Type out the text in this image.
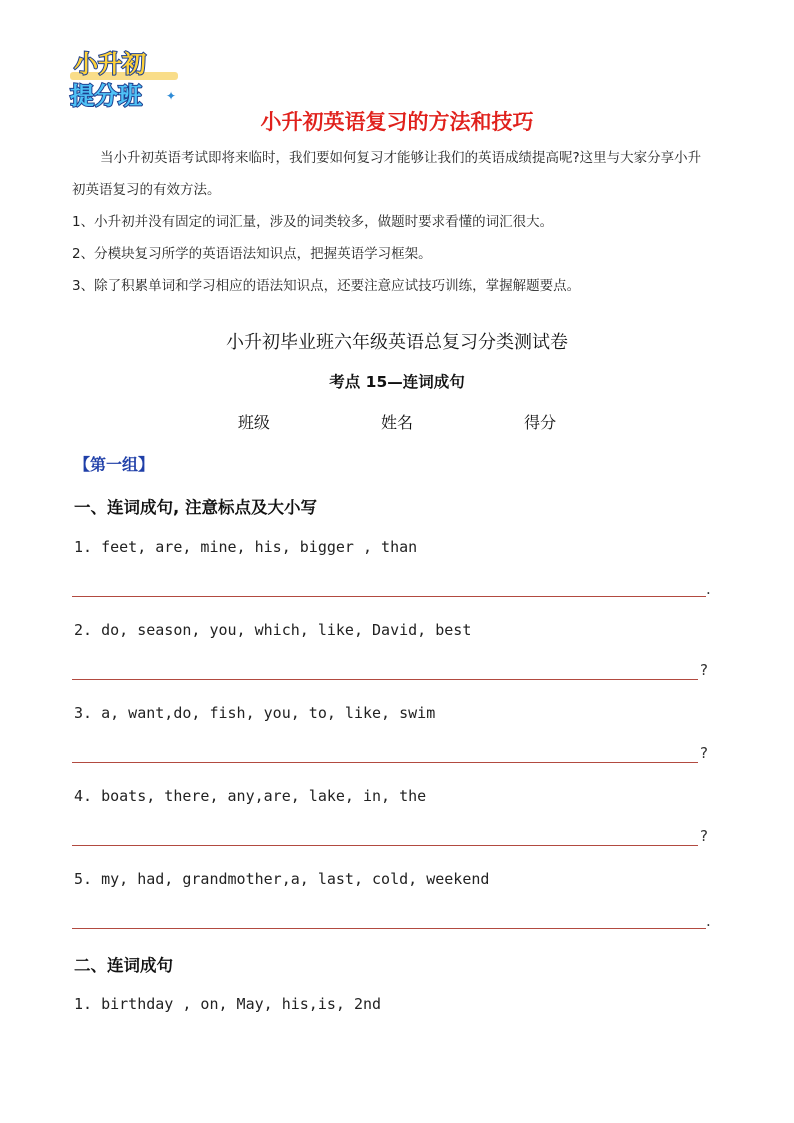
小升初
提分班 ✦
小升初英语复习的方法和技巧
当小升初英语考试即将来临时，我们要如何复习才能够让我们的英语成绩提高呢?这里与大家分享小升
初英语复习的有效方法。
1、小升初并没有固定的词汇量，涉及的词类较多，做题时要求看懂的词汇很大。
2、分模块复习所学的英语语法知识点，把握英语学习框架。
3、除了积累单词和学习相应的语法知识点，还要注意应试技巧训练，掌握解题要点。
小升初毕业班六年级英语总复习分类测试卷
考点 15—连词成句
班级	姓名	得分
【第一组】
一、连词成句, 注意标点及大小写
1. feet, are, mine, his, bigger , than
.
2. do, season, you, which, like, David, best
?
3. a, want,do, fish, you, to, like, swim
?
4. boats, there, any,are, lake, in, the
?
5. my, had, grandmother,a, last, cold, weekend
.
二、连词成句
1. birthday , on, May, his,is, 2nd
